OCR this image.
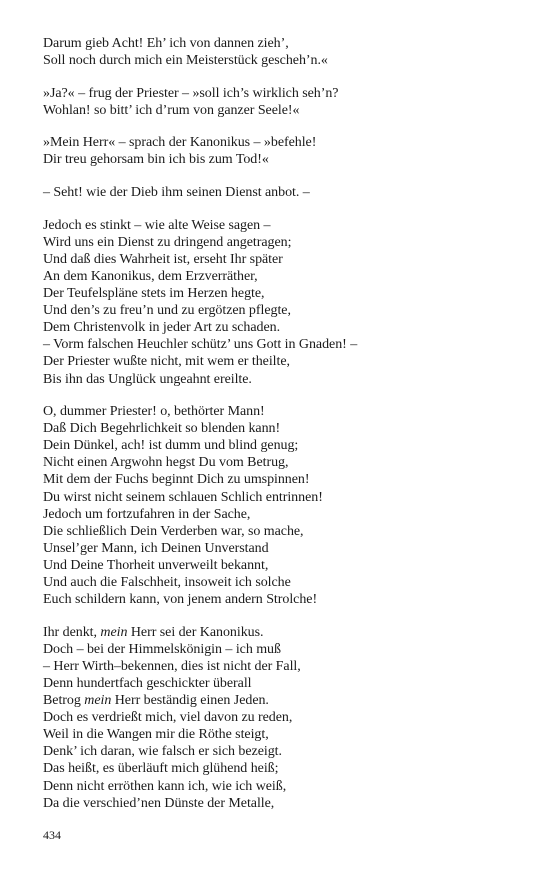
Darum gieb Acht! Eh’ ich von dannen zieh’,
Soll noch durch mich ein Meisterstück gescheh’n.«
»Ja?« – frug der Priester – »soll ich’s wirklich seh’n?
Wohlan! so bitt’ ich d’rum von ganzer Seele!«
»Mein Herr« – sprach der Kanonikus – »befehle!
Dir treu gehorsam bin ich bis zum Tod!«
– Seht! wie der Dieb ihm seinen Dienst anbot. –
Jedoch es stinkt – wie alte Weise sagen –
Wird uns ein Dienst zu dringend angetragen;
Und daß dies Wahrheit ist, erseht Ihr später
An dem Kanonikus, dem Erzverräther,
Der Teufelspläne stets im Herzen hegte,
Und den’s zu freu’n und zu ergötzen pflegte,
Dem Christenvolk in jeder Art zu schaden.
– Vorm falschen Heuchler schütz’ uns Gott in Gnaden! –
Der Priester wußte nicht, mit wem er theilte,
Bis ihn das Unglück ungeahnt ereilte.
O, dummer Priester! o, bethörter Mann!
Daß Dich Begehrlichkeit so blenden kann!
Dein Dünkel, ach! ist dumm und blind genug;
Nicht einen Argwohn hegst Du vom Betrug,
Mit dem der Fuchs beginnt Dich zu umspinnen!
Du wirst nicht seinem schlauen Schlich entrinnen!
Jedoch um fortzufahren in der Sache,
Die schließlich Dein Verderben war, so mache,
Unsel’ger Mann, ich Deinen Unverstand
Und Deine Thorheit unverweilt bekannt,
Und auch die Falschheit, insoweit ich solche
Euch schildern kann, von jenem andern Strolche!
Ihr denkt, mein Herr sei der Kanonikus.
Doch – bei der Himmelskönigin – ich muß
– Herr Wirth–bekennen, dies ist nicht der Fall,
Denn hundertfach geschickter überall
Betrog mein Herr beständig einen Jeden.
Doch es verdrießt mich, viel davon zu reden,
Weil in die Wangen mir die Röthe steigt,
Denk’ ich daran, wie falsch er sich bezeigt.
Das heißt, es überläuft mich glühend heiß;
Denn nicht erröthen kann ich, wie ich weiß,
Da die verschied’nen Dünste der Metalle,
434
